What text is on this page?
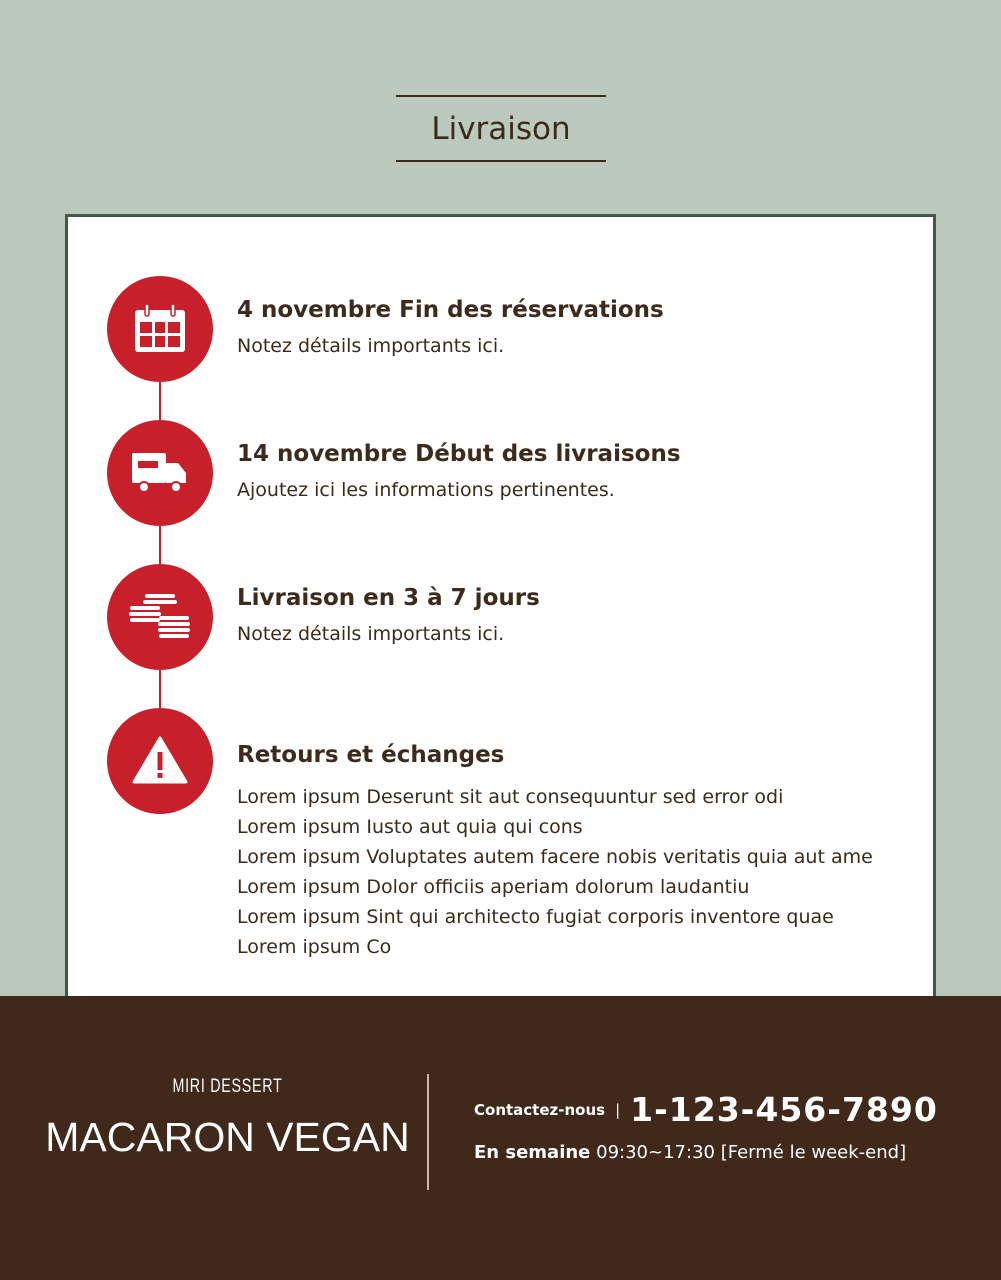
Livraison
4 novembre Fin des réservations

Notez détails importants ici.

14 novembre Début des livraisons

Ajoutez ici les informations pertinentes.

Livraison en 3 à 7 jours

Notez détails importants ici.

Retours et échanges

Lorem ipsum Deserunt sit aut consequuntur sed error odi

Lorem ipsum Iusto aut quia qui cons

Lorem ipsum Voluptates autem facere nobis veritatis quia aut ame

Lorem ipsum Dolor officiis aperiam dolorum laudantiu

Lorem ipsum Sint qui architecto fugiat corporis inventore quae

Lorem ipsum Co

MIRI DESSERT
MACARON VEGAN
Contactez-nous | 1-123-456-7890
En semaine 09:30~17:30 [Fermé le week-end]
